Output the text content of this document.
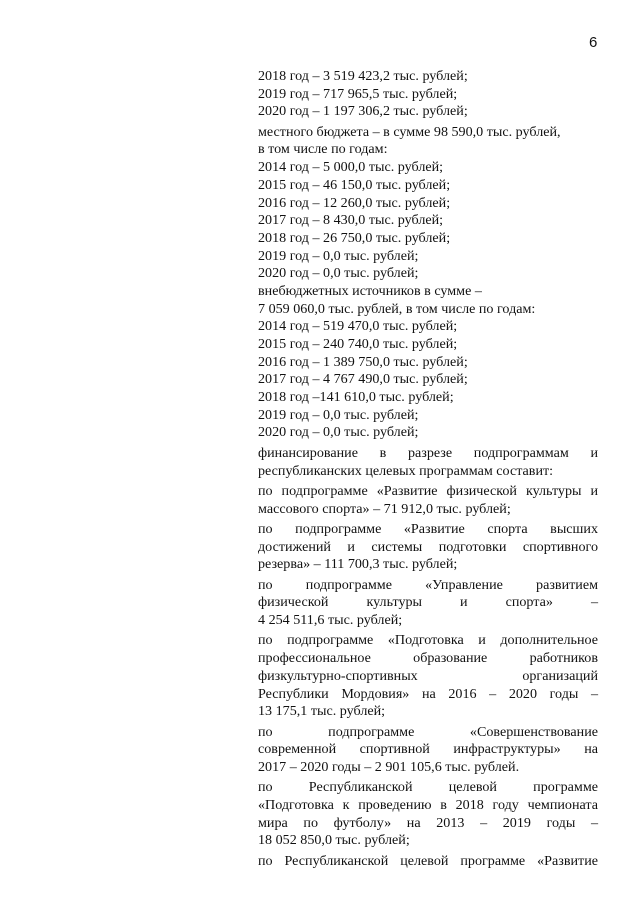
6
2018 год – 3 519 423,2 тыс. рублей;
2019 год – 717 965,5 тыс. рублей;
2020 год – 1 197 306,2 тыс. рублей;
местного бюджета – в сумме 98 590,0 тыс. рублей,
в том числе по годам:
2014 год – 5 000,0 тыс. рублей;
2015 год – 46 150,0 тыс. рублей;
2016 год – 12 260,0 тыс. рублей;
2017 год – 8 430,0 тыс. рублей;
2018 год – 26 750,0 тыс. рублей;
2019 год – 0,0 тыс. рублей;
2020 год – 0,0 тыс. рублей;
внебюджетных источников в сумме –
7 059 060,0 тыс. рублей, в том числе по годам:
2014 год – 519 470,0 тыс. рублей;
2015 год – 240 740,0 тыс. рублей;
2016 год – 1 389 750,0 тыс. рублей;
2017 год – 4 767 490,0 тыс. рублей;
2018 год –141 610,0 тыс. рублей;
2019 год – 0,0 тыс. рублей;
2020 год – 0,0 тыс. рублей;
финансирование в разрезе подпрограммам и
республиканских целевых программам составит:
по подпрограмме «Развитие физической культуры и
массового спорта» – 71 912,0 тыс. рублей;
по подпрограмме «Развитие спорта высших
достижений и системы подготовки спортивного
резерва» – 111 700,3 тыс. рублей;
по подпрограмме «Управление развитием
физической культуры и спорта» –
4 254 511,6 тыс. рублей;
по подпрограмме «Подготовка и дополнительное
профессиональное образование работников
физкультурно-спортивных организаций
Республики Мордовия» на 2016 – 2020 годы –
13 175,1 тыс. рублей;
по подпрограмме «Совершенствование
современной спортивной инфраструктуры» на
2017 – 2020 годы – 2 901 105,6 тыс. рублей.
по Республиканской целевой программе
«Подготовка к проведению в 2018 году чемпионата
мира по футболу» на 2013 – 2019 годы –
18 052 850,0 тыс. рублей;
по Республиканской целевой программе «Развитие
